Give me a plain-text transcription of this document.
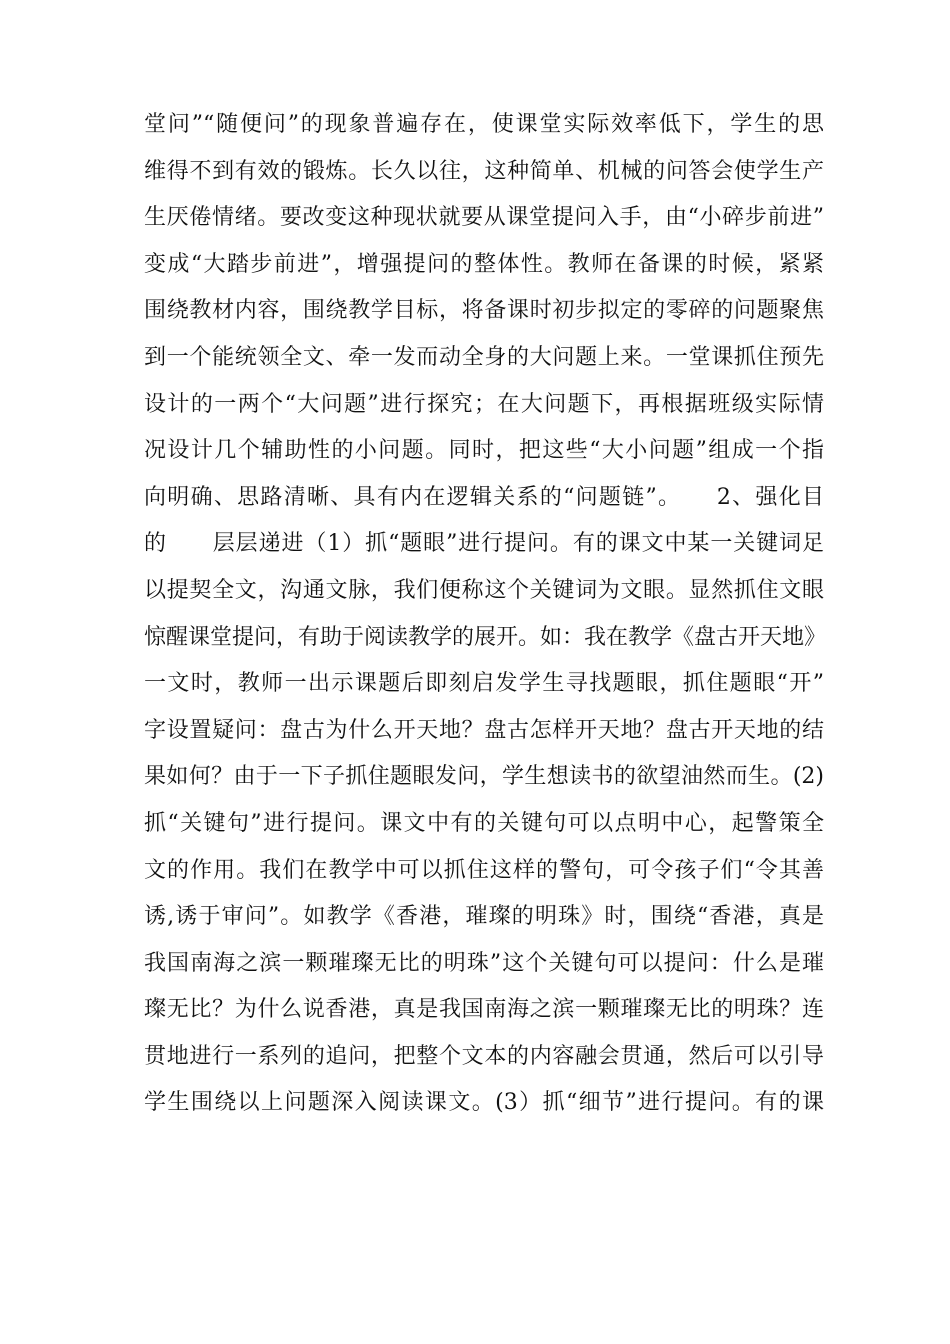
堂问”“随便问”的现象普遍存在，使课堂实际效率低下，学生的思
维得不到有效的锻炼。长久以往，这种简单、机械的问答会使学生产
生厌倦情绪。要改变这种现状就要从课堂提问入手，由“小碎步前进”
变成“大踏步前进”，增强提问的整体性。教师在备课的时候，紧紧
围绕教材内容，围绕教学目标，将备课时初步拟定的零碎的问题聚焦
到一个能统领全文、牵一发而动全身的大问题上来。一堂课抓住预先
设计的一两个“大问题”进行探究；在大问题下，再根据班级实际情
况设计几个辅助性的小问题。同时，把这些“大小问题”组成一个指
向明确、思路清晰、具有内在逻辑关系的“问题链”。　　2、强化目
的　　层层递进（1）抓“题眼”进行提问。有的课文中某一关键词足
以提契全文，沟通文脉，我们便称这个关键词为文眼。显然抓住文眼
惊醒课堂提问，有助于阅读教学的展开。如：我在教学《盘古开天地》
一文时，教师一出示课题后即刻启发学生寻找题眼，抓住题眼“开”
字设置疑问：盘古为什么开天地？盘古怎样开天地？盘古开天地的结
果如何？由于一下子抓住题眼发问，学生想读书的欲望油然而生。(2)
抓“关键句”进行提问。课文中有的关键句可以点明中心，起警策全
文的作用。我们在教学中可以抓住这样的警句，可令孩子们“令其善
诱,诱于审问”。如教学《香港，璀璨的明珠》时，围绕“香港，真是
我国南海之滨一颗璀璨无比的明珠”这个关键句可以提问：什么是璀
璨无比？为什么说香港，真是我国南海之滨一颗璀璨无比的明珠？连
贯地进行一系列的追问，把整个文本的内容融会贯通，然后可以引导
学生围绕以上问题深入阅读课文。(3）抓“细节”进行提问。有的课
